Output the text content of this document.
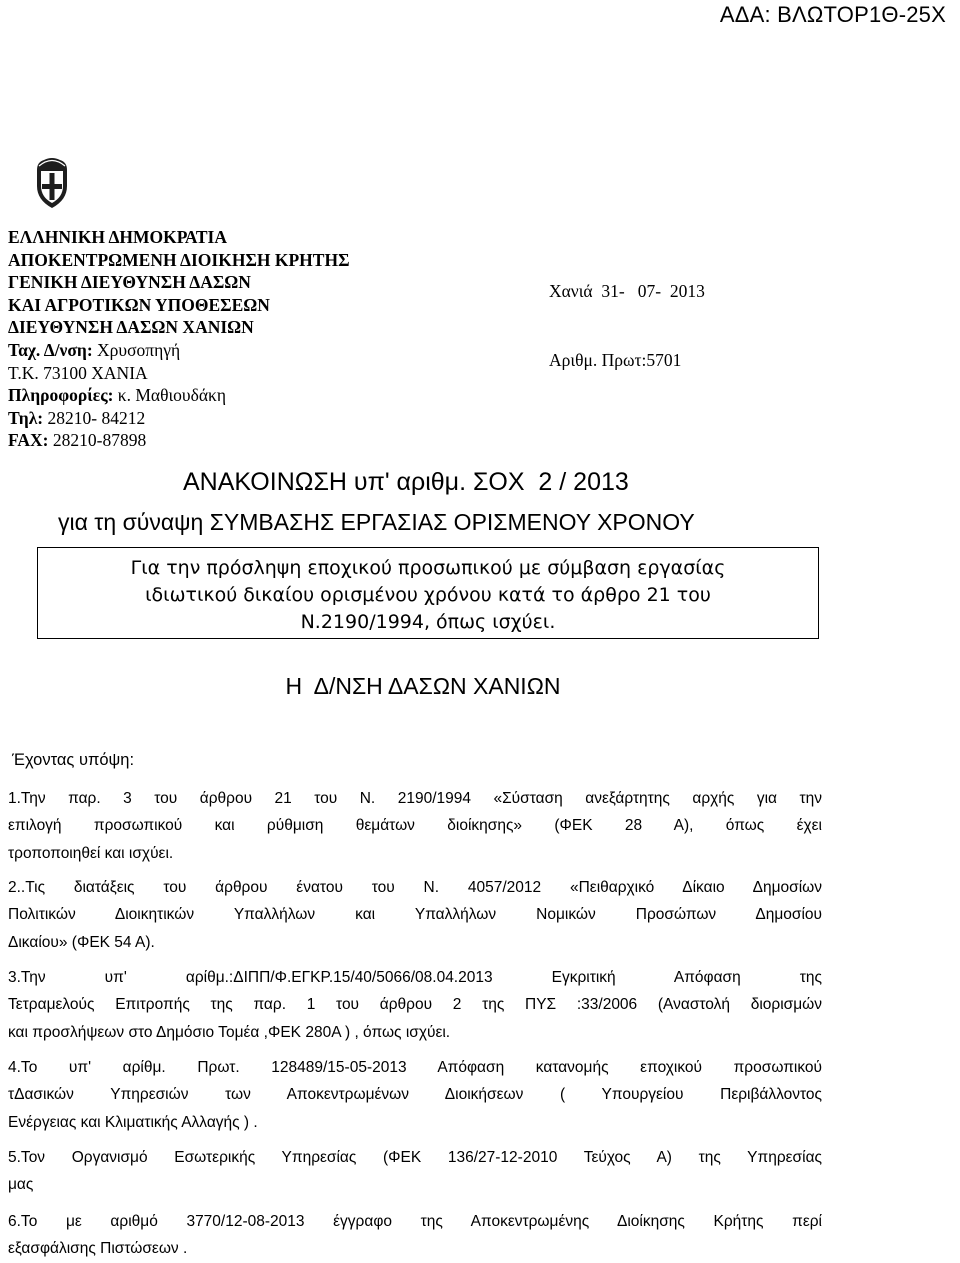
ΑΔΑ: ΒΛΩΤΟΡ1Θ-25Χ
ΕΛΛΗΝΙΚΗ ΔΗΜΟΚΡΑΤΙΑ
ΑΠΟΚΕΝΤΡΩΜΕΝΗ ΔΙΟΙΚΗΣΗ ΚΡΗΤΗΣ
ΓΕΝΙΚΗ ΔΙΕΥΘΥΝΣΗ ΔΑΣΩΝ
ΚΑΙ ΑΓΡΟΤΙΚΩΝ ΥΠΟΘΕΣΕΩΝ
ΔΙΕΥΘΥΝΣΗ ΔΑΣΩΝ ΧΑΝΙΩΝ
Ταχ. Δ/νση: Χρυσοπηγή
Τ.Κ. 73100 ΧΑΝΙΑ
Πληροφορίες: κ. Μαθιουδάκη
Τηλ: 28210- 84212
FAX: 28210-87898

Χανιά  31-   07-  2013

Αριθμ. Πρωτ:5701

ΑΝΑΚΟΙΝΩΣΗ υπ' αριθμ. ΣΟΧ  2 / 2013
για τη σύναψη ΣΥΜΒΑΣΗΣ ΕΡΓΑΣΙΑΣ ΟΡΙΣΜΕΝΟΥ ΧΡΟΝΟΥ
Για την πρόσληψη εποχικού προσωπικού με σύμβαση εργασίας
ιδιωτικού δικαίου ορισμένου χρόνου κατά το άρθρο 21 του
Ν.2190/1994, όπως ισχύει.
Η  Δ/ΝΣΗ ΔΑΣΩΝ ΧΑΝΙΩΝ
Έχοντας υπόψη:
1.Την παρ. 3 του άρθρου 21 του Ν. 2190/1994 «Σύσταση ανεξάρτητης αρχής για την
επιλογή προσωπικού και ρύθμιση θεμάτων διοίκησης» (ΦΕΚ 28 Α), όπως έχει
τροποποιηθεί και ισχύει.
2..Τις διατάξεις του άρθρου ένατου του Ν. 4057/2012 «Πειθαρχικό Δίκαιο Δημοσίων
Πολιτικών Διοικητικών Υπαλλήλων και Υπαλλήλων Νομικών Προσώπων Δημοσίου
Δικαίου» (ΦΕΚ 54 Α).
3.Την υπ' αρίθμ.:ΔΙΠΠ/Φ.ΕΓΚΡ.15/40/5066/08.04.2013 Εγκριτική Απόφαση της
Τετραμελούς Επιτροπής της παρ. 1 του άρθρου 2 της ΠΥΣ :33/2006 (Αναστολή διορισμών
και προσλήψεων στο Δημόσιο Τομέα ,ΦΕΚ 280Α ) , όπως ισχύει.
4.Το υπ' αρίθμ. Πρωτ. 128489/15-05-2013 Απόφαση κατανομής εποχικού προσωπικού
τΔασικών Υπηρεσιών των Αποκεντρωμένων Διοικήσεων ( Υπουργείου Περιβάλλοντος
Ενέργειας και Κλιματικής Αλλαγής ) .
5.Τον Οργανισμό Εσωτερικής Υπηρεσίας (ΦΕΚ 136/27-12-2010 Τεύχος Α) της Υπηρεσίας
μας
6.Το με αριθμό 3770/12-08-2013 έγγραφο της Αποκεντρωμένης Διοίκησης Κρήτης περί
εξασφάλισης Πιστώσεων .
